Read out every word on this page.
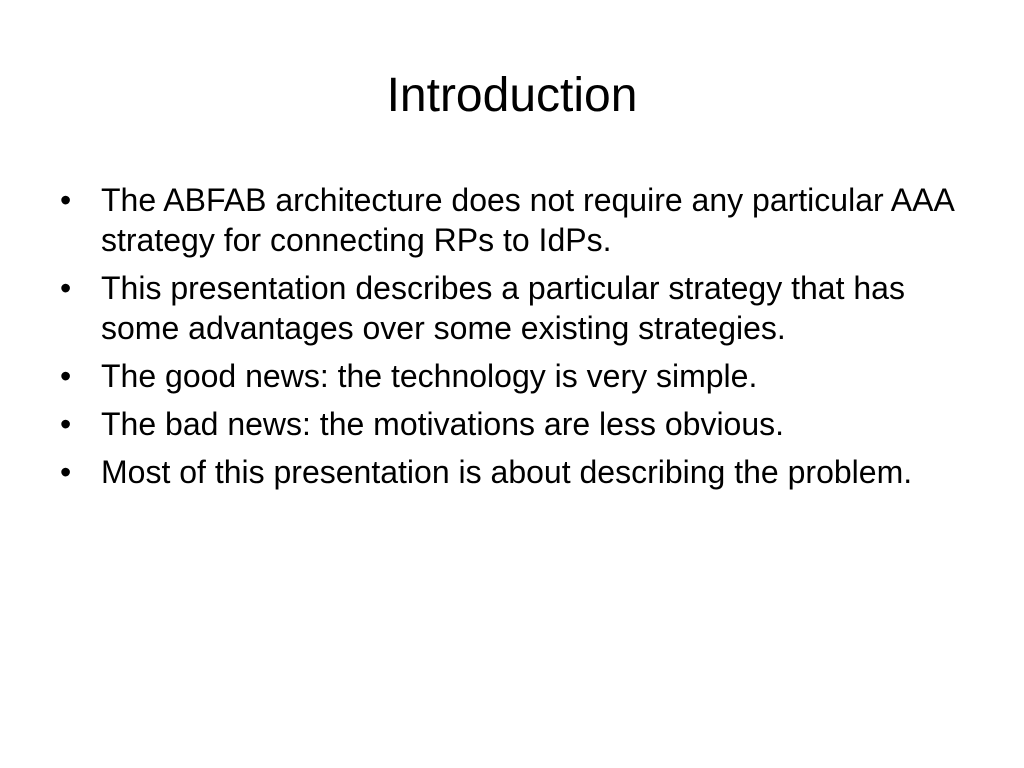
Introduction
• The ABFAB architecture does not require any particular AAA strategy for connecting RPs to IdPs.
• This presentation describes a particular strategy that has some advantages over some existing strategies.
• The good news: the technology is very simple.
• The bad news: the motivations are less obvious.
• Most of this presentation is about describing the problem.
